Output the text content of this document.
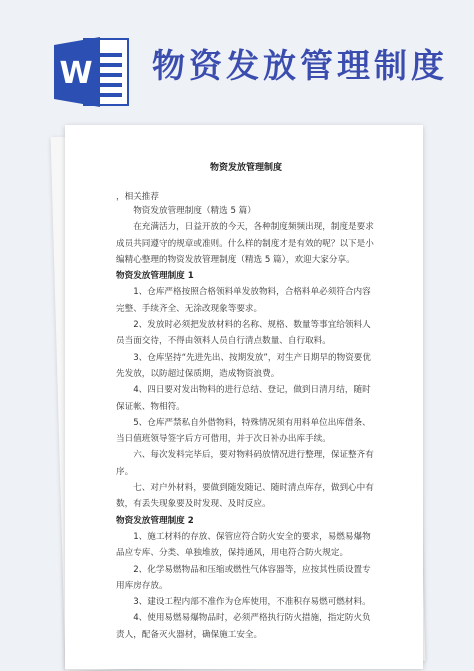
W 物资发放管理制度
物资发放管理制度

，相关推荐

物资发放管理制度（精选 5 篇）

在充满活力，日益开放的今天，各种制度频频出现，制度是要求成员共同遵守的规章或准则。什么样的制度才是有效的呢？以下是小编精心整理的物资发放管理制度（精选 5 篇），欢迎大家分享。

物资发放管理制度 1

1、仓库严格按照合格领料单发放物料，合格料单必须符合内容完整、手续齐全、无涂改现象等要求。

2、发放时必须把发放材料的名称、规格、数量等事宜给领料人员当面交待，不得由领料人员自行清点数量、自行取料。

3、仓库坚持“先进先出、按期发放”，对生产日期早的物资要优先发放，以防超过保质期，造成物资浪费。

4、四日要对发出物料的进行总结、登记，做到日清月结，随时保证帐、物相符。

5、仓库严禁私自外借物料，特殊情况须有用料单位出库借条、当日值班领导签字后方可借用，并于次日补办出库手续。

六、每次发料完毕后，要对物料码放情况进行整理，保证整齐有序。

七、对户外材料，要做到随发随记、随时清点库存，做到心中有数，有丢失现象要及时发现、及时反应。

物资发放管理制度 2

1、施工材料的存放、保管应符合防火安全的要求，易燃易爆物品应专库、分类、单独堆放，保持通风，用电符合防火规定。

2、化学易燃物品和压缩或燃性气体容器等，应按其性质设置专用库房存放。

3、建设工程内部不准作为仓库使用，不准积存易燃可燃材料。

4、使用易燃易爆物品时，必须严格执行防火措施，指定防火负责人，配备灭火器材，确保施工安全。
